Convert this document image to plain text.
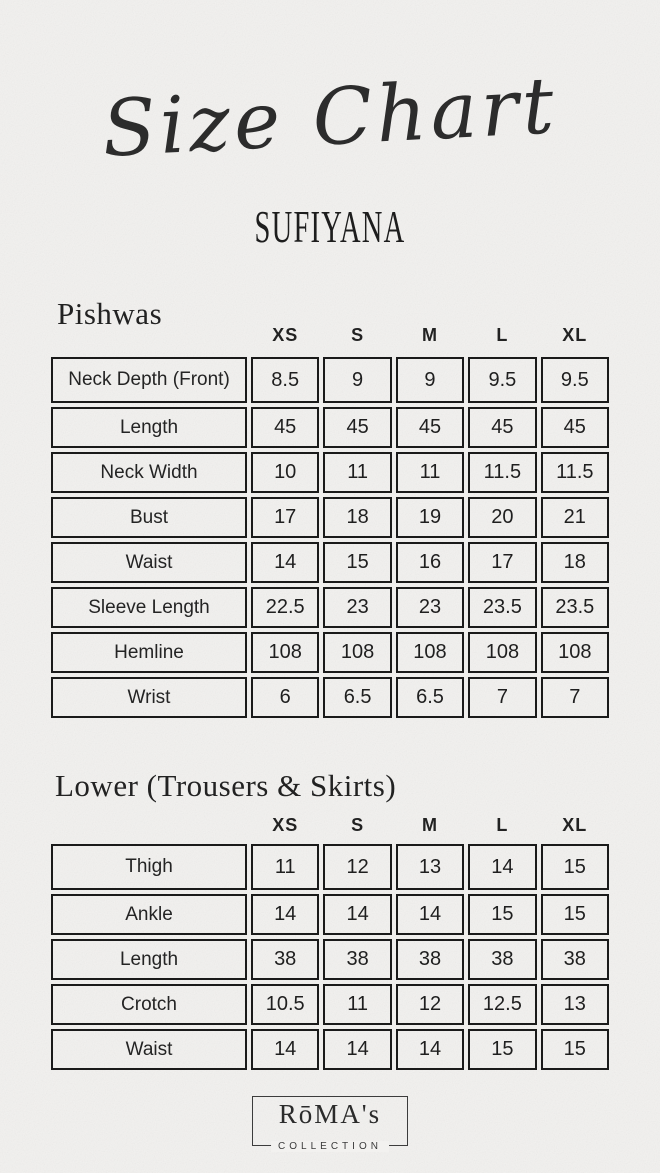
Size Chart
SUFIYANA
Pishwas
XS	S	M	L	XL
Neck Depth (Front)	8.5	9	9	9.5	9.5
Length	45	45	45	45	45
Neck Width	10	11	11	11.5	11.5
Bust	17	18	19	20	21
Waist	14	15	16	17	18
Sleeve Length	22.5	23	23	23.5	23.5
Hemline	108	108	108	108	108
Wrist	6	6.5	6.5	7	7
Lower (Trousers & Skirts)
XS	S	M	L	XL
Thigh	11	12	13	14	15
Ankle	14	14	14	15	15
Length	38	38	38	38	38
Crotch	10.5	11	12	12.5	13
Waist	14	14	14	15	15
RōMA's
COLLECTION
